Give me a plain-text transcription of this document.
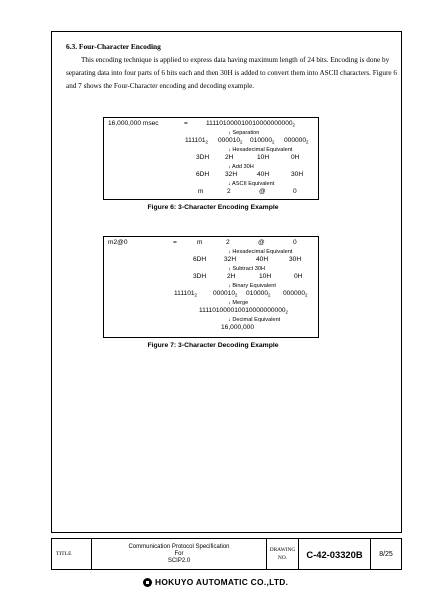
6.3. Four-Character Encoding
This encoding technique is applied to express data having maximum length of 24 bits. Encoding is done by separating data into four parts of 6 bits each and then 30H is added to convert them into ASCII characters. Figure 6 and 7 shows the Four-Character encoding and decoding example.
16,000,000 msec	=	$111101000010010000000000_2$
↓ Separation
$111101_2$ $000010_2$ $010000_2$ $000000_2$
↓ Hexadecimal Equivalent
3DH 2H	10H	0H
↓ Add 30H
6DH 32H	40H	30H
↓ ASCII Equivalent
m	2	@	0
Figure 6: 3-Character Encoding Example
m2@0	=	m	2	@	0
↓ Hexadecimal Equivalent
6DH	32H	40H	30H
↓ Subtract 30H
3DH	2H	10H	0H
↓ Binary Equivalent
$111101_2$ $000010_2$ $010000_2$ $000000_2$
↓ Merge
$111101000010010000000000_2$
↓ Decimal Equivalent
16,000,000
Figure 7: 3-Character Decoding Example
TITLE
Communication Protocol Specification
For
SCIP2.0
DRAWING
NO. C-42-03320B 8/25
HOKUYO AUTOMATIC CO.,LTD.
